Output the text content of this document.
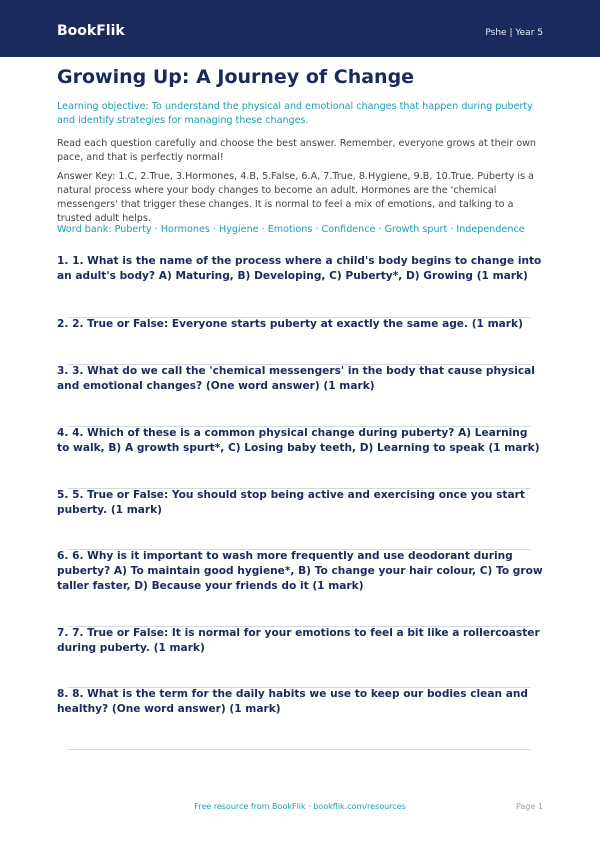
BookFlik	Pshe | Year 5
Growing Up: A Journey of Change

Learning objective: To understand the physical and emotional changes that happen during puberty and identify strategies for managing these changes.

Read each question carefully and choose the best answer. Remember, everyone grows at their own pace, and that is perfectly normal!

Answer Key: 1.C, 2.True, 3.Hormones, 4.B, 5.False, 6.A, 7.True, 8.Hygiene, 9.B, 10.True. Puberty is a natural process where your body changes to become an adult. Hormones are the 'chemical messengers' that trigger these changes. It is normal to feel a mix of emotions, and talking to a trusted adult helps.

Word bank: Puberty · Hormones · Hygiene · Emotions · Confidence · Growth spurt · Independence

1. 1. What is the name of the process where a child's body begins to change into an adult's body? A) Maturing, B) Developing, C) Puberty*, D) Growing (1 mark)

2. 2. True or False: Everyone starts puberty at exactly the same age. (1 mark)

3. 3. What do we call the 'chemical messengers' in the body that cause physical and emotional changes? (One word answer) (1 mark)

4. 4. Which of these is a common physical change during puberty? A) Learning to walk, B) A growth spurt*, C) Losing baby teeth, D) Learning to speak (1 mark)

5. 5. True or False: You should stop being active and exercising once you start puberty. (1 mark)

6. 6. Why is it important to wash more frequently and use deodorant during puberty? A) To maintain good hygiene*, B) To change your hair colour, C) To grow taller faster, D) Because your friends do it (1 mark)

7. 7. True or False: It is normal for your emotions to feel a bit like a rollercoaster during puberty. (1 mark)

8. 8. What is the term for the daily habits we use to keep our bodies clean and healthy? (One word answer) (1 mark)

Free resource from BookFlik · bookflik.com/resources	Page 1
